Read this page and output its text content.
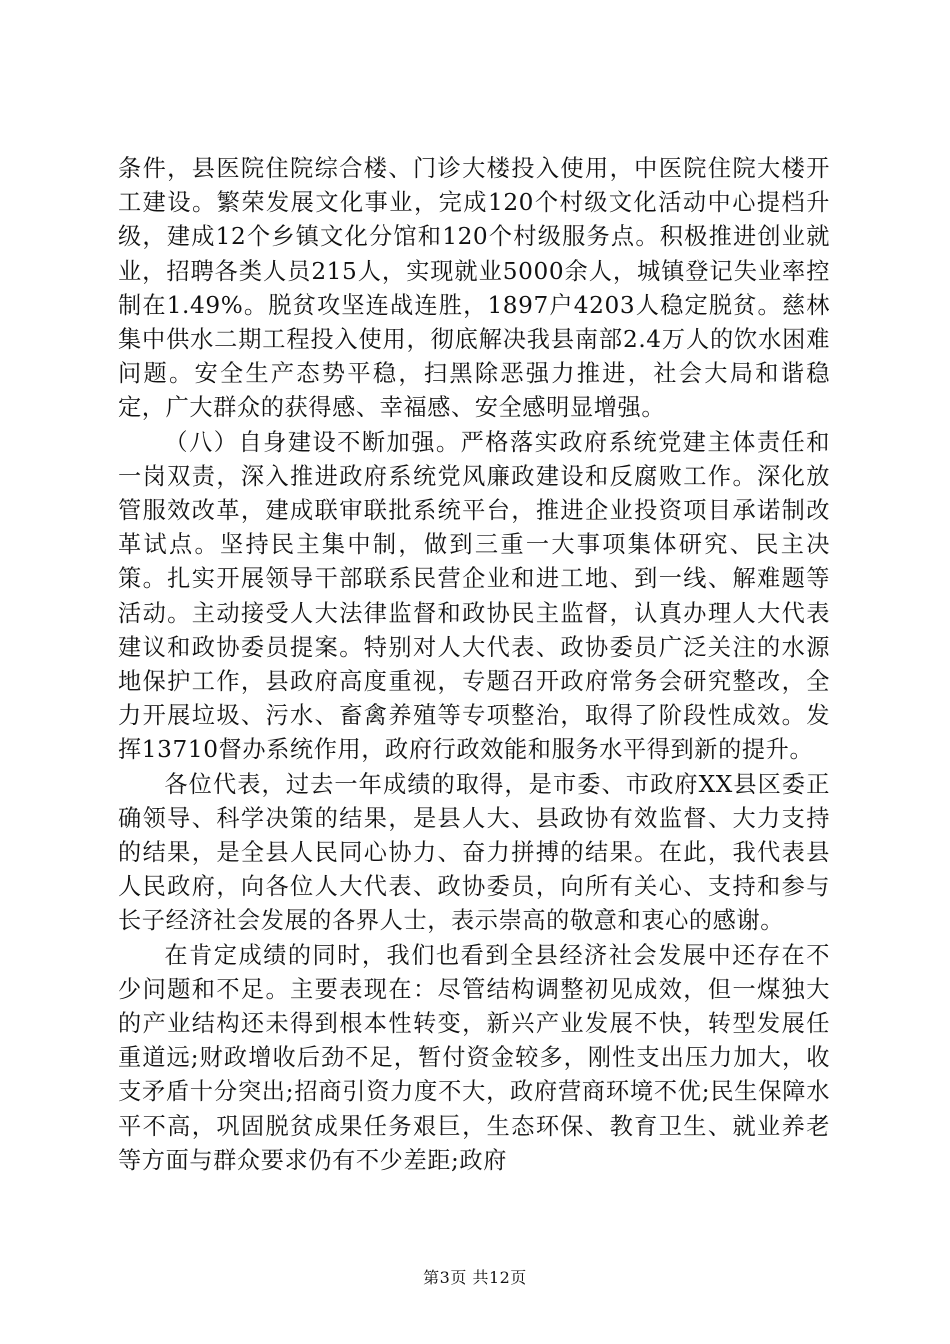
条件，县医院住院综合楼、门诊大楼投入使用，中医院住院大楼开工建设。繁荣发展文化事业，完成120个村级文化活动中心提档升级，建成12个乡镇文化分馆和120个村级服务点。积极推进创业就业，招聘各类人员215人，实现就业5000余人，城镇登记失业率控制在1.49%。脱贫攻坚连战连胜，1897户4203人稳定脱贫。慈林集中供水二期工程投入使用，彻底解决我县南部2.4万人的饮水困难问题。安全生产态势平稳，扫黑除恶强力推进，社会大局和谐稳定，广大群众的获得感、幸福感、安全感明显增强。

（八）自身建设不断加强。严格落实政府系统党建主体责任和一岗双责，深入推进政府系统党风廉政建设和反腐败工作。深化放管服效改革，建成联审联批系统平台，推进企业投资项目承诺制改革试点。坚持民主集中制，做到三重一大事项集体研究、民主决策。扎实开展领导干部联系民营企业和进工地、到一线、解难题等活动。主动接受人大法律监督和政协民主监督，认真办理人大代表建议和政协委员提案。特别对人大代表、政协委员广泛关注的水源地保护工作，县政府高度重视，专题召开政府常务会研究整改，全力开展垃圾、污水、畜禽养殖等专项整治，取得了阶段性成效。发挥13710督办系统作用，政府行政效能和服务水平得到新的提升。

各位代表，过去一年成绩的取得，是市委、市政府XX县区委正确领导、科学决策的结果，是县人大、县政协有效监督、大力支持的结果，是全县人民同心协力、奋力拼搏的结果。在此，我代表县人民政府，向各位人大代表、政协委员，向所有关心、支持和参与长子经济社会发展的各界人士，表示崇高的敬意和衷心的感谢。

在肯定成绩的同时，我们也看到全县经济社会发展中还存在不少问题和不足。主要表现在：尽管结构调整初见成效，但一煤独大的产业结构还未得到根本性转变，新兴产业发展不快，转型发展任重道远;财政增收后劲不足，暂付资金较多，刚性支出压力加大，收支矛盾十分突出;招商引资力度不大，政府营商环境不优;民生保障水平不高，巩固脱贫成果任务艰巨，生态环保、教育卫生、就业养老等方面与群众要求仍有不少差距;政府

第3页 共12页
